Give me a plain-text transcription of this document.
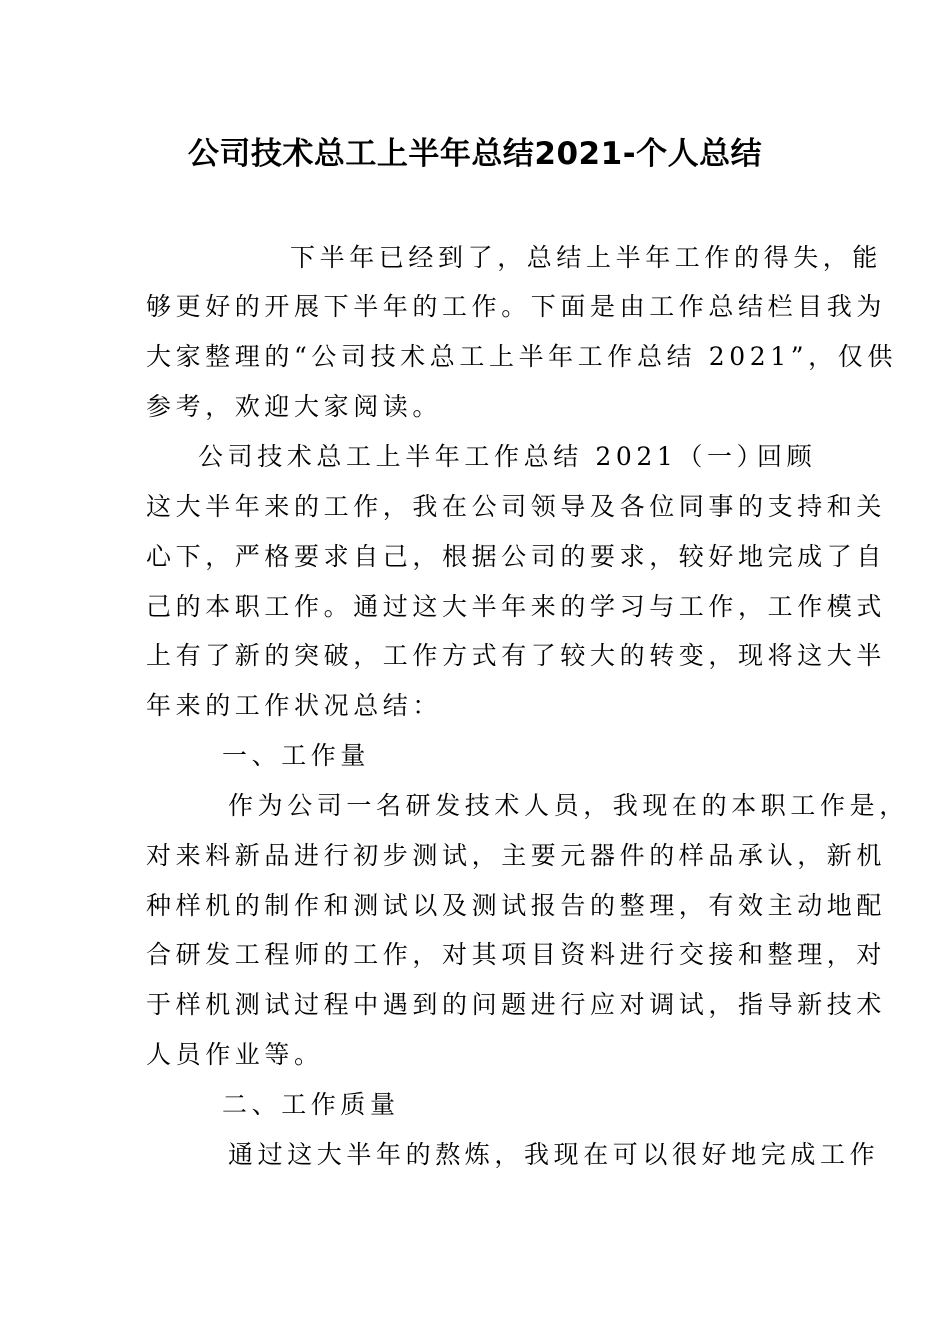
公司技术总工上半年总结2021-个人总结
下半年已经到了，总结上半年工作的得失，能
够更好的开展下半年的工作。下面是由工作总结栏目我为
大家整理的“公司技术总工上半年工作总结 2021”，仅供
参考，欢迎大家阅读。
公司技术总工上半年工作总结 2021（一）
回顾
这大半年来的工作，我在公司领导及各位同事的支持和关
心下，严格要求自己，根据公司的要求，较好地完成了自
己的本职工作。通过这大半年来的学习与工作，工作模式
上有了新的突破，工作方式有了较大的转变，现将这大半
年来的工作状况总结：
一、工作量
作为公司一名研发技术人员，我现在的本职工作是，
对来料新品进行初步测试，主要元器件的样品承认，新机
种样机的制作和测试以及测试报告的整理，有效主动地配
合研发工程师的工作，对其项目资料进行交接和整理，对
于样机测试过程中遇到的问题进行应对调试，指导新技术
人员作业等。
二、工作质量
通过这大半年的熬炼，我现在可以很好地完成工作
